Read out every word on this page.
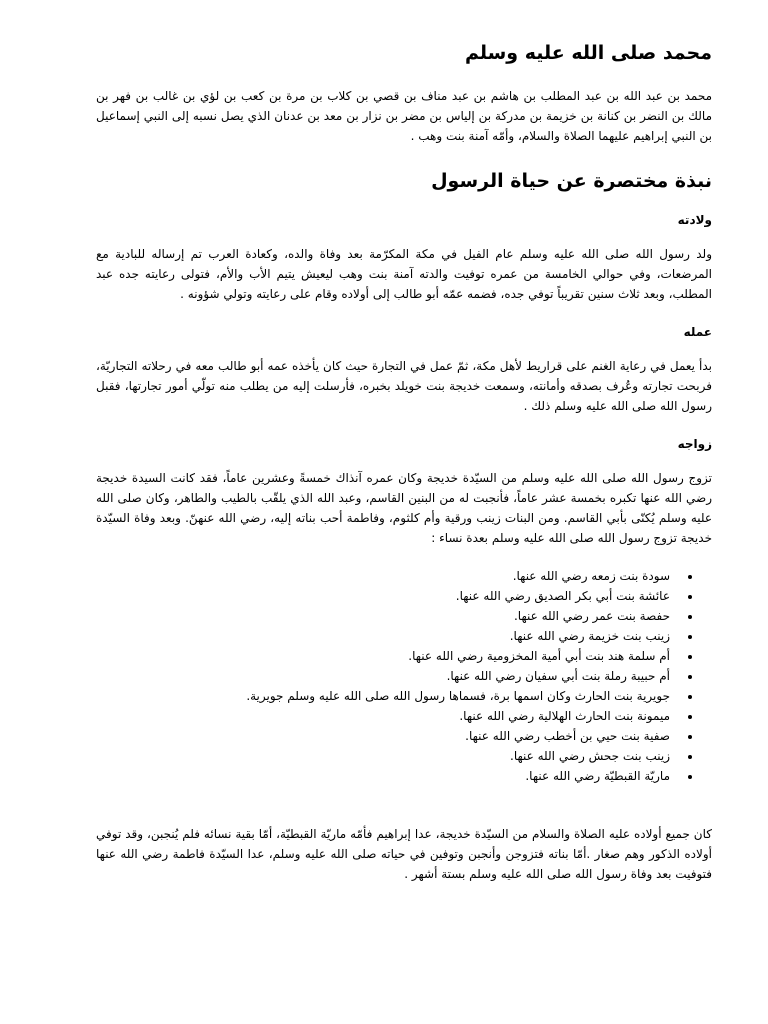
محمد صلى الله عليه وسلم

محمد بن عبد الله بن عبد المطلب بن هاشم بن عبد مناف بن قصي بن كلاب بن مرة بن كعب بن لؤي بن غالب بن فهر بن مالك بن النضر بن كنانة بن خزيمة بن مدركة بن إلياس بن مضر بن نزار بن معد بن عدنان الذي يصل نسبه إلى النبي إسماعيل بن النبي إبراهيم عليهما الصلاة والسلام، وأمّه آمنة بنت وهب .

نبذة مختصرة عن حياة الرسول
ولادته

ولد رسول الله صلى الله عليه وسلم عام الفيل في مكة المكرّمة بعد وفاة والده، وكعادة العرب تم إرساله للبادية مع المرضعات، وفي حوالي الخامسة من عمره توفيت والدته آمنة بنت وهب ليعيش يتيم الأب والأم، فتولى رعايته جده عبد المطلب، وبعد ثلاث سنين تقريباً توفي جده، فضمه عمّه أبو طالب إلى أولاده وقام على رعايته وتولي شؤونه .

عمله

بدأ يعمل في رعاية الغنم على قراريط لأهل مكة، ثمّ عمل في التجارة حيث كان يأخذه عمه أبو طالب معه في رحلاته التجاريّة، فربحت تجارته وعُرف بصدقه وأمانته، وسمعت خديجة بنت خويلد بخبره، فأرسلت إليه من يطلب منه تولّي أمور تجارتها، فقبل رسول الله صلى الله عليه وسلم ذلك .

زواجه

تزوج رسول الله صلى الله عليه وسلم من السيّدة خديجة وكان عمره آنذاك خمسةً وعشرين عاماً، فقد كانت السيدة خديجة رضي الله عنها تكبره بخمسة عشر عاماً، فأنجبت له من البنين القاسم، وعبد الله الذي يلقّب بالطيب والطاهر، وكان صلى الله عليه وسلم يُكنّى بأبي القاسم. ومن البنات زينب ورقية وأم كلثوم، وفاطمة أحب بناته إليه، رضي الله عنهنّ. وبعد وفاة السيّدة خديجة تزوج رسول الله صلى الله عليه وسلم بعدة نساء :

• سودة بنت زمعه رضي الله عنها.
• عائشة بنت أبي بكر الصديق رضي الله عنها.
• حفصة بنت عمر رضي الله عنها.
• زينب بنت خزيمة رضي الله عنها.
• أم سلمة هند بنت أبي أمية المخزومية رضي الله عنها.
• أم حبيبة رملة بنت أبي سفيان رضي الله عنها.
• جويرية بنت الحارث وكان اسمها برة، فسماها رسول الله صلى الله عليه وسلم جويرية.
• ميمونة بنت الحارث الهلالية رضي الله عنها.
• صفية بنت حيي بن أخطب رضي الله عنها.
• زينب بنت جحش رضي الله عنها.
• ماريّة القبطيّة رضي الله عنها.

كان جميع أولاده عليه الصلاة والسلام من السيّدة خديجة، عدا إبراهيم فأمّه ماريّة القبطيّة، أمّا بقية نسائه فلم يُنجبن، وقد توفي أولاده الذكور وهم صغار .أمّا بناته فتزوجن وأنجبن وتوفين في حياته صلى الله عليه وسلم، عدا السيّدة فاطمة رضي الله عنها فتوفيت بعد وفاة رسول الله صلى الله عليه وسلم بستة أشهر .
